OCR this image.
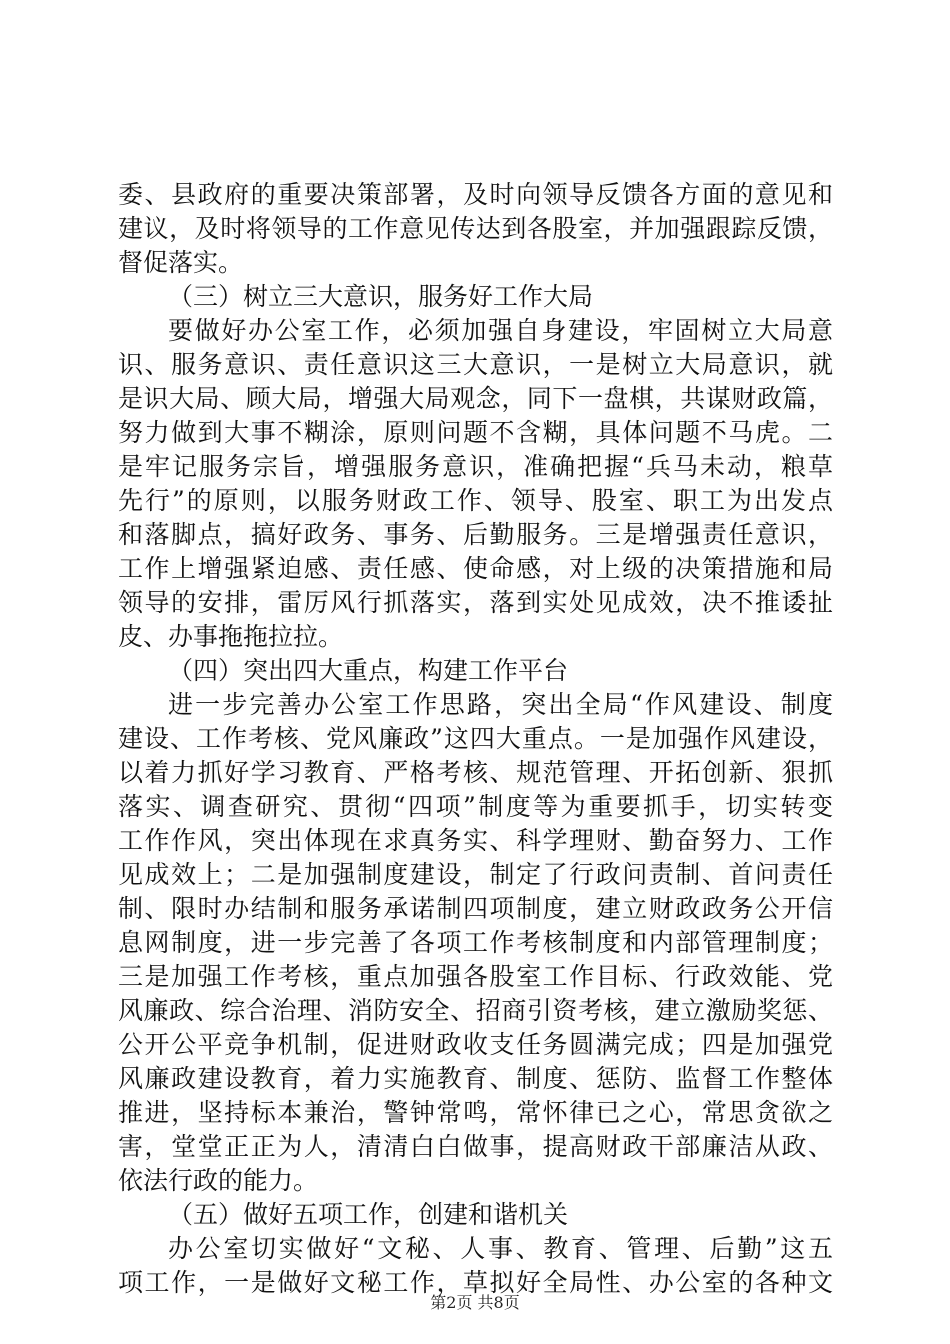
委、县政府的重要决策部署，及时向领导反馈各方面的意见和
建议，及时将领导的工作意见传达到各股室，并加强跟踪反馈，
督促落实。
（三）树立三大意识，服务好工作大局
要做好办公室工作，必须加强自身建设，牢固树立大局意
识、服务意识、责任意识这三大意识，一是树立大局意识，就
是识大局、顾大局，增强大局观念，同下一盘棋，共谋财政篇，
努力做到大事不糊涂，原则问题不含糊，具体问题不马虎。二
是牢记服务宗旨，增强服务意识，准确把握“兵马未动，粮草
先行”的原则，以服务财政工作、领导、股室、职工为出发点
和落脚点，搞好政务、事务、后勤服务。三是增强责任意识，
工作上增强紧迫感、责任感、使命感，对上级的决策措施和局
领导的安排，雷厉风行抓落实，落到实处见成效，决不推诿扯
皮、办事拖拖拉拉。
（四）突出四大重点，构建工作平台
进一步完善办公室工作思路，突出全局“作风建设、制度
建设、工作考核、党风廉政”这四大重点。一是加强作风建设，
以着力抓好学习教育、严格考核、规范管理、开拓创新、狠抓
落实、调查研究、贯彻“四项”制度等为重要抓手，切实转变
工作作风，突出体现在求真务实、科学理财、勤奋努力、工作
见成效上；二是加强制度建设，制定了行政问责制、首问责任
制、限时办结制和服务承诺制四项制度，建立财政政务公开信
息网制度，进一步完善了各项工作考核制度和内部管理制度；
三是加强工作考核，重点加强各股室工作目标、行政效能、党
风廉政、综合治理、消防安全、招商引资考核，建立激励奖惩、
公开公平竞争机制，促进财政收支任务圆满完成；四是加强党
风廉政建设教育，着力实施教育、制度、惩防、监督工作整体
推进，坚持标本兼治，警钟常鸣，常怀律已之心，常思贪欲之
害，堂堂正正为人，清清白白做事，提高财政干部廉洁从政、
依法行政的能力。
（五）做好五项工作，创建和谐机关
办公室切实做好“文秘、人事、教育、管理、后勤”这五
项工作，一是做好文秘工作，草拟好全局性、办公室的各种文
第2页 共8页
